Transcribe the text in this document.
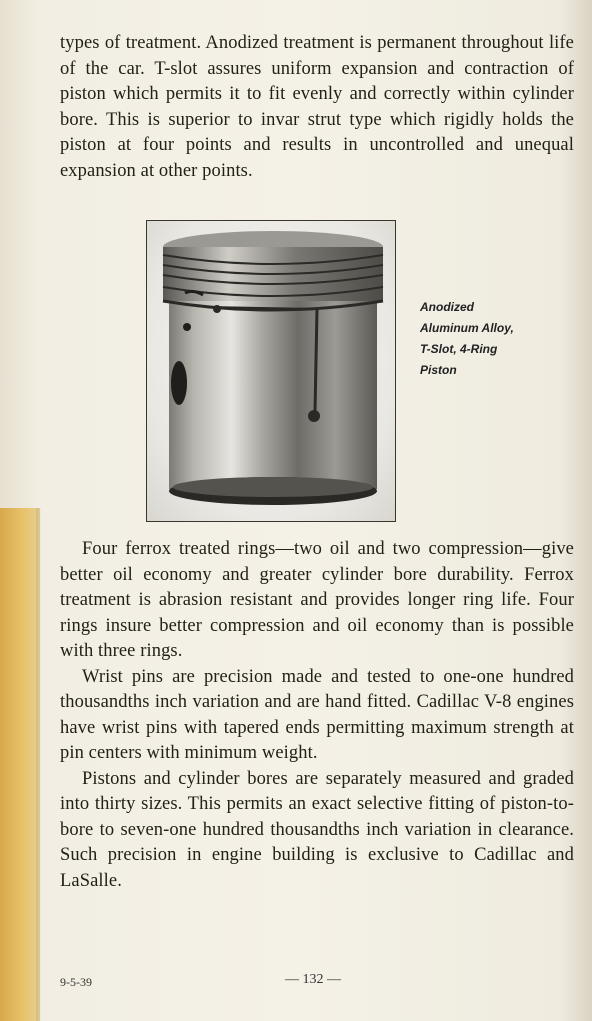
types of treatment. Anodized treatment is permanent throughout life of the car. T-slot assures uniform expansion and contraction of piston which permits it to fit evenly and correctly within cylinder bore. This is superior to invar strut type which rigidly holds the piston at four points and results in uncontrolled and unequal expansion at other points.

Anodized
Aluminum Alloy,
T-Slot, 4-Ring
Piston

Four ferrox treated rings—two oil and two compression—give better oil economy and greater cylinder bore durability. Ferrox treatment is abrasion resistant and provides longer ring life. Four rings insure better compression and oil economy than is possible with three rings.

Wrist pins are precision made and tested to one-one hundred thousandths inch variation and are hand fitted. Cadillac V-8 engines have wrist pins with tapered ends permitting maximum strength at pin centers with minimum weight.

Pistons and cylinder bores are separately measured and graded into thirty sizes. This permits an exact selective fitting of piston-to-bore to seven-one hundred thousandths inch variation in clearance. Such precision in engine building is exclusive to Cadillac and LaSalle.

9-5-39	— 132 —
